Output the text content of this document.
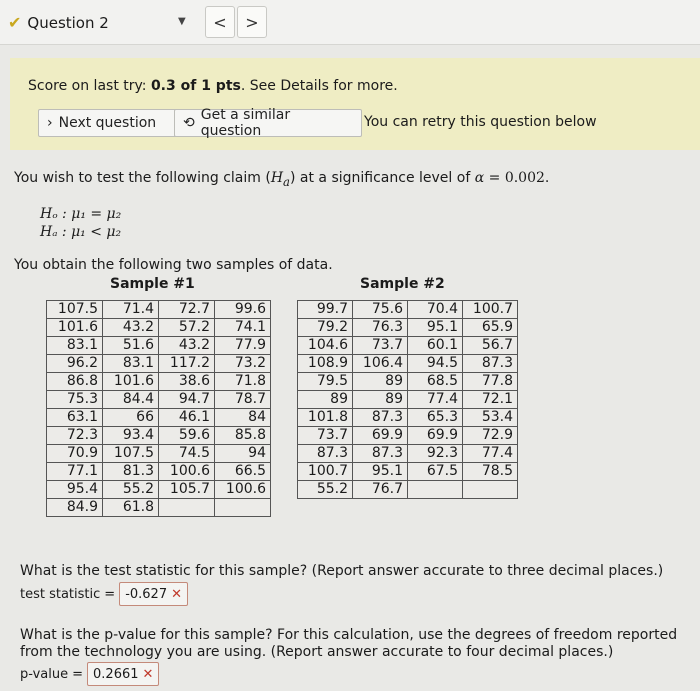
✔ Question 2	▼ < >
Score on last try: 0.3 of 1 pts. See Details for more.
› Next question ⟲ Get a similar question
You can retry this question below
You wish to test the following claim $(H_a)$ at a significance level of α = 0.002.
Hₒ : μ₁ = μ₂
Hₐ : μ₁ < μ₂
You obtain the following two samples of data.
Sample #1	Sample #2
107.5	71.4	72.7	99.6
101.6	43.2	57.2	74.1
83.1	51.6	43.2	77.9
96.2	83.1	117.2	73.2
86.8	101.6	38.6	71.8
75.3	84.4	94.7	78.7
63.1	66	46.1	84
72.3	93.4	59.6	85.8
70.9	107.5	74.5	94
77.1	81.3	100.6	66.5
95.4	55.2	105.7	100.6
84.9	61.8		
99.7	75.6	70.4	100.7
79.2	76.3	95.1	65.9
104.6	73.7	60.1	56.7
108.9	106.4	94.5	87.3
79.5	89	68.5	77.8
89	89	77.4	72.1
101.8	87.3	65.3	53.4
73.7	69.9	69.9	72.9
87.3	87.3	92.3	77.4
100.7	95.1	67.5	78.5
55.2	76.7		
What is the test statistic for this sample? (Report answer accurate to three decimal places.)
test statistic = -0.627 ✕
What is the p-value for this sample? For this calculation, use the degrees of freedom reported from the technology you are using. (Report answer accurate to four decimal places.)
p-value = 0.2661 ✕
